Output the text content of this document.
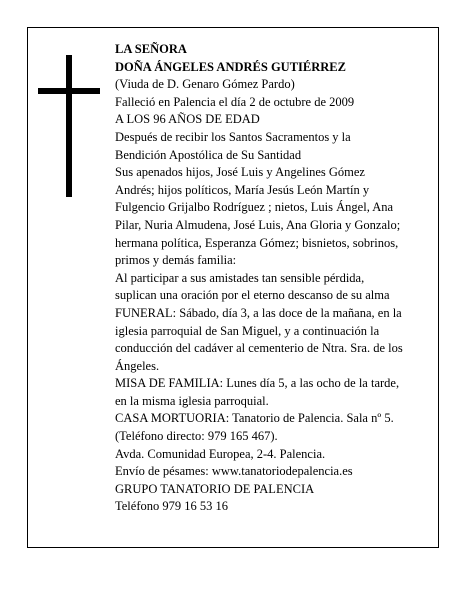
LA SEÑORA

DOÑA ÁNGELES ANDRÉS GUTIÉRREZ

(Viuda de D. Genaro Gómez Pardo)

Falleció en Palencia el día 2 de octubre de 2009

A LOS 96 AÑOS DE EDAD

Después de recibir los Santos Sacramentos y la Bendición Apostólica de Su Santidad

Sus apenados hijos, José Luis y Angelines Gómez Andrés; hijos políticos, María Jesús León Martín y Fulgencio Grijalbo Rodríguez ; nietos, Luis Ángel, Ana Pilar, Nuria Almudena, José Luis, Ana Gloria y Gonzalo; hermana política, Esperanza Gómez; bisnietos, sobrinos, primos y demás familia:

Al participar a sus amistades tan sensible pérdida, suplican una oración por el eterno descanso de su alma

FUNERAL: Sábado, día 3, a las doce de la mañana, en la iglesia parroquial de San Miguel, y a continuación la conducción del cadáver al cementerio de Ntra. Sra. de los Ángeles.

MISA DE FAMILIA: Lunes día 5, a las ocho de la tarde, en la misma iglesia parroquial.

CASA MORTUORIA: Tanatorio de Palencia. Sala nº 5. (Teléfono directo: 979 165 467).

Avda. Comunidad Europea, 2-4. Palencia.

Envío de pésames: www.tanatoriodepalencia.es

GRUPO TANATORIO DE PALENCIA

Teléfono 979 16 53 16
